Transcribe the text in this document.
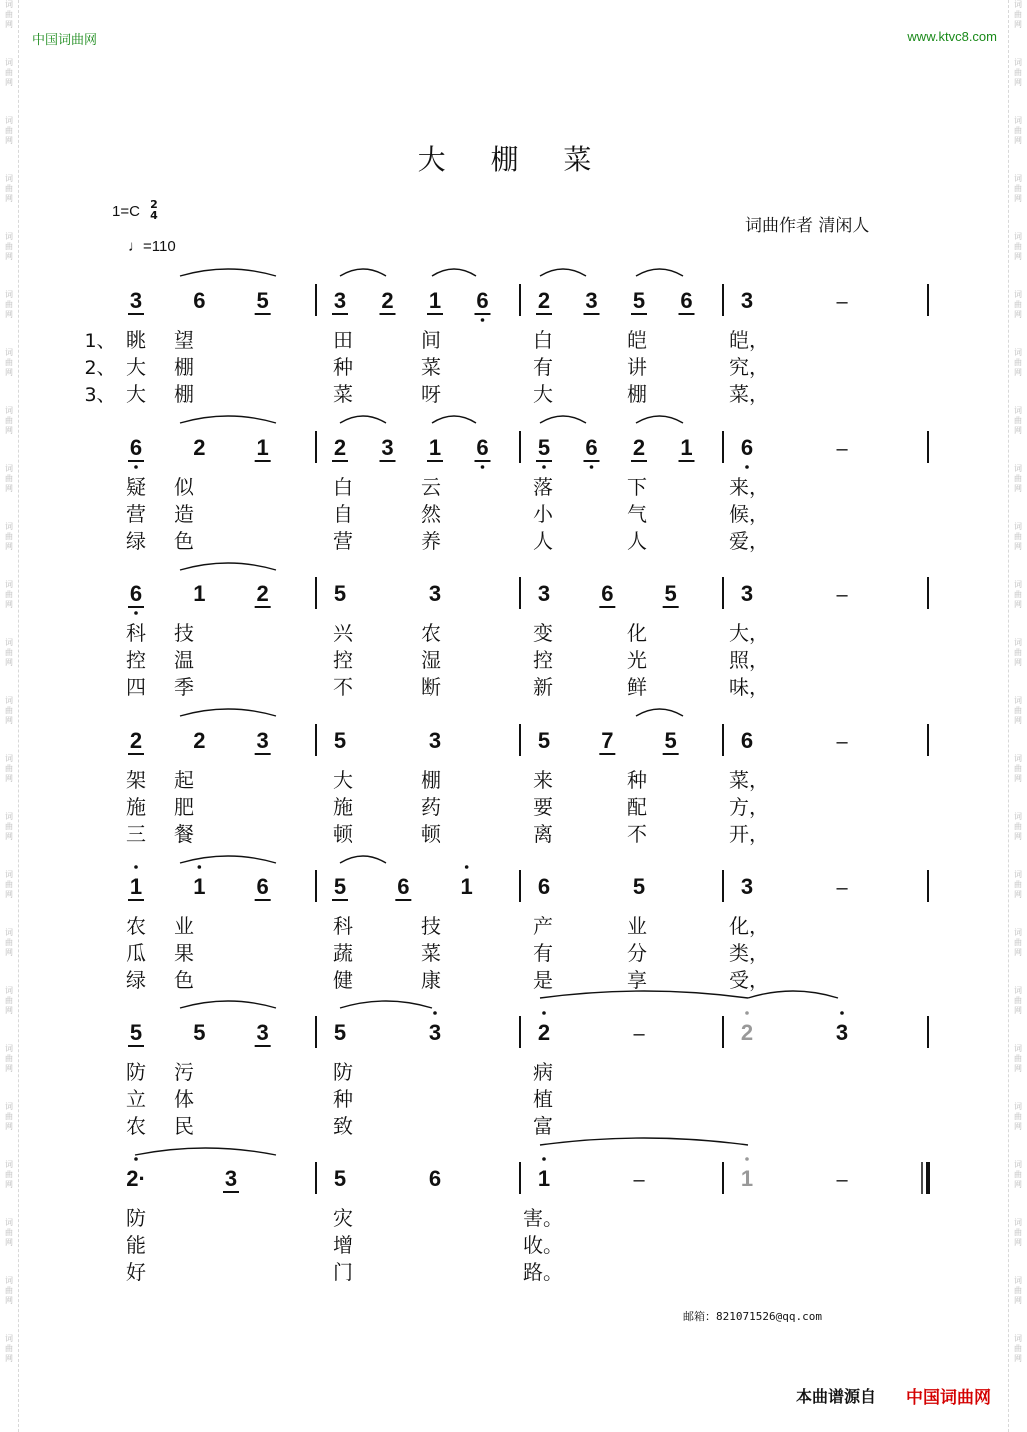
词
曲
网
词
曲
网
词
曲
网
词
曲
网
词
曲
网
词
曲
网
词
曲
网
词
曲
网
词
曲
网
词
曲
网
词
曲
网
词
曲
网
词
曲
网
词
曲
网
词
曲
网
词
曲
网
词
曲
网
词
曲
网
词
曲
网
词
曲
网
词
曲
网
词
曲
网
词
曲
网
词
曲
网
词
曲
网
词
曲
网
词
曲
网
词
曲
网
词
曲
网
词
曲
网
词
曲
网
词
曲
网
词
曲
网
词
曲
网
词
曲
网
词
曲
网
词
曲
网
词
曲
网
词
曲
网
词
曲
网
词
曲
网
词
曲
网
词
曲
网
词
曲
网
词
曲
网
词
曲
网
词
曲
网
词
曲
网
中国词曲网	www.ktvc8.com
大 棚 菜
1=C 2
4
♩=110
词曲作者 清闲人
3 6 5	3 2 1 6 2 3 5 6 3	–
1、 眺 望	田	间	白	皑	皑，
2、 大 棚	种	菜	有	讲	究，
3、 大 棚	菜	呀	大	棚	菜，
6 2 1	2 3 1 6 5 6 2 1 6	–
疑 似	白	云	落	下	来，
营 造	自	然	小	气	候，
绿 色	营	养	人	人	爱，
6 1 2	5	3	3 6 5	3	–
科 技	兴	农	变	化	大，
控 温	控	湿	控	光	照，
四 季	不	断	新	鲜	味，
2 2 3	5	3	5 7 5	6	–
架 起	大	棚	来	种	菜，
施 肥	施	药	要	配	方，
三 餐	顿	顿	离	不	开，
1 1 6	5 6 1	6	5	3	–
农 业	科	技	产	业	化，
瓜 果	蔬	菜	有	分	类，
绿 色	健	康	是	享	受，
5 5 3	5	3	2	–	2	3
防 污	防	病
立 体	种	植
农 民	致	富
2·	3	5	6	1	–	1	–
防	灾	害。
能	增	收。
好	门	路。
邮箱：821071526@qq.com
本曲谱源自 中国词曲网
